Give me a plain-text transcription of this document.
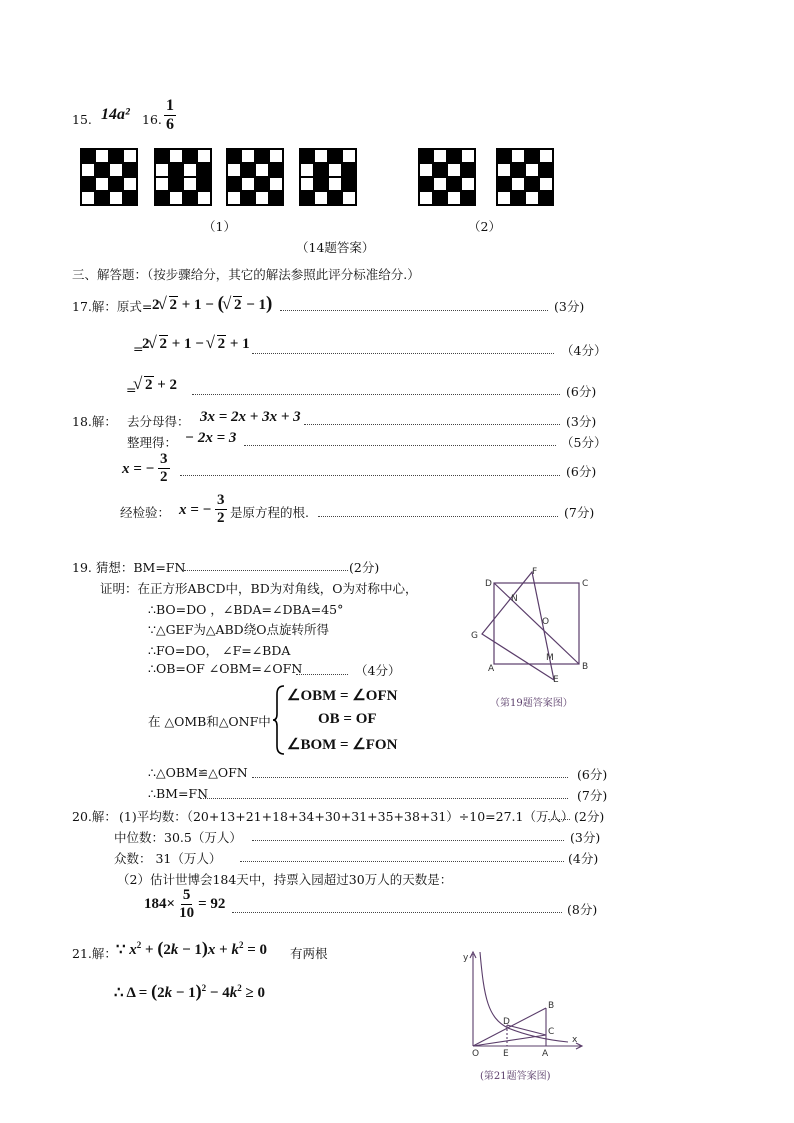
15. 14a² 16. $\frac{1}{6}$
（1）	（2）
（14题答案）
三、解答题：（按步骤给分，其它的解法参照此评分标准给分.）
17.解：原式= 2 √ 2 + 1 − ( √ 2 − 1)	(3分)
=
2 √ 2 + 1 − √ 2 + 1	（4分）
= √ 2 + 2	(6分)
18.解： 去分母得： 3x = 2x + 3x + 3	(3分)
整理得： − 2x = 3	（5分）
x = − $\frac{3}{2}$	(6分)
经检验： x = − $\frac{3}{2}$ 是原方程的根.	(7分)
19. 猜想：BM=FN	(2分)
证明：在正方形ABCD中，BD为对角线，O为对称中心，
∴BO=DO ，∠BDA=∠DBA=45°
∵△GEF为△ABD绕O点旋转所得
∴FO=DO， ∠F=∠BDA
∴OB=OF ∠OBM=∠OFN	（4分）
在 △OMB和△ONF中
∠OBM = ∠OFN
OB = OF
∠BOM = ∠FON
∴△OBM≌△OFN	(6分)
∴BM=FN	(7分)
D
F
C
N
O
G
M
A	B
E
（第19题答案图）
20.解： (1)平均数：（20+13+21+18+34+30+31+35+38+31）÷10=27.1（万人） (2分)
中位数：30.5（万人）	(3分)
众数： 31（万人）	(4分)
（2）估计世博会184天中，持票入园超过30万人的天数是：
$184\times \frac{5}{10} = 92$	(8分)
21.解： ∵ $x^2 + (2k - 1)x + k^2 = 0$ 有两根
∴ $\Delta = (2k - 1)^2 - 4k^2 \ge 0$
y
x
O	E	A
B
C
D
(第21题答案图)
